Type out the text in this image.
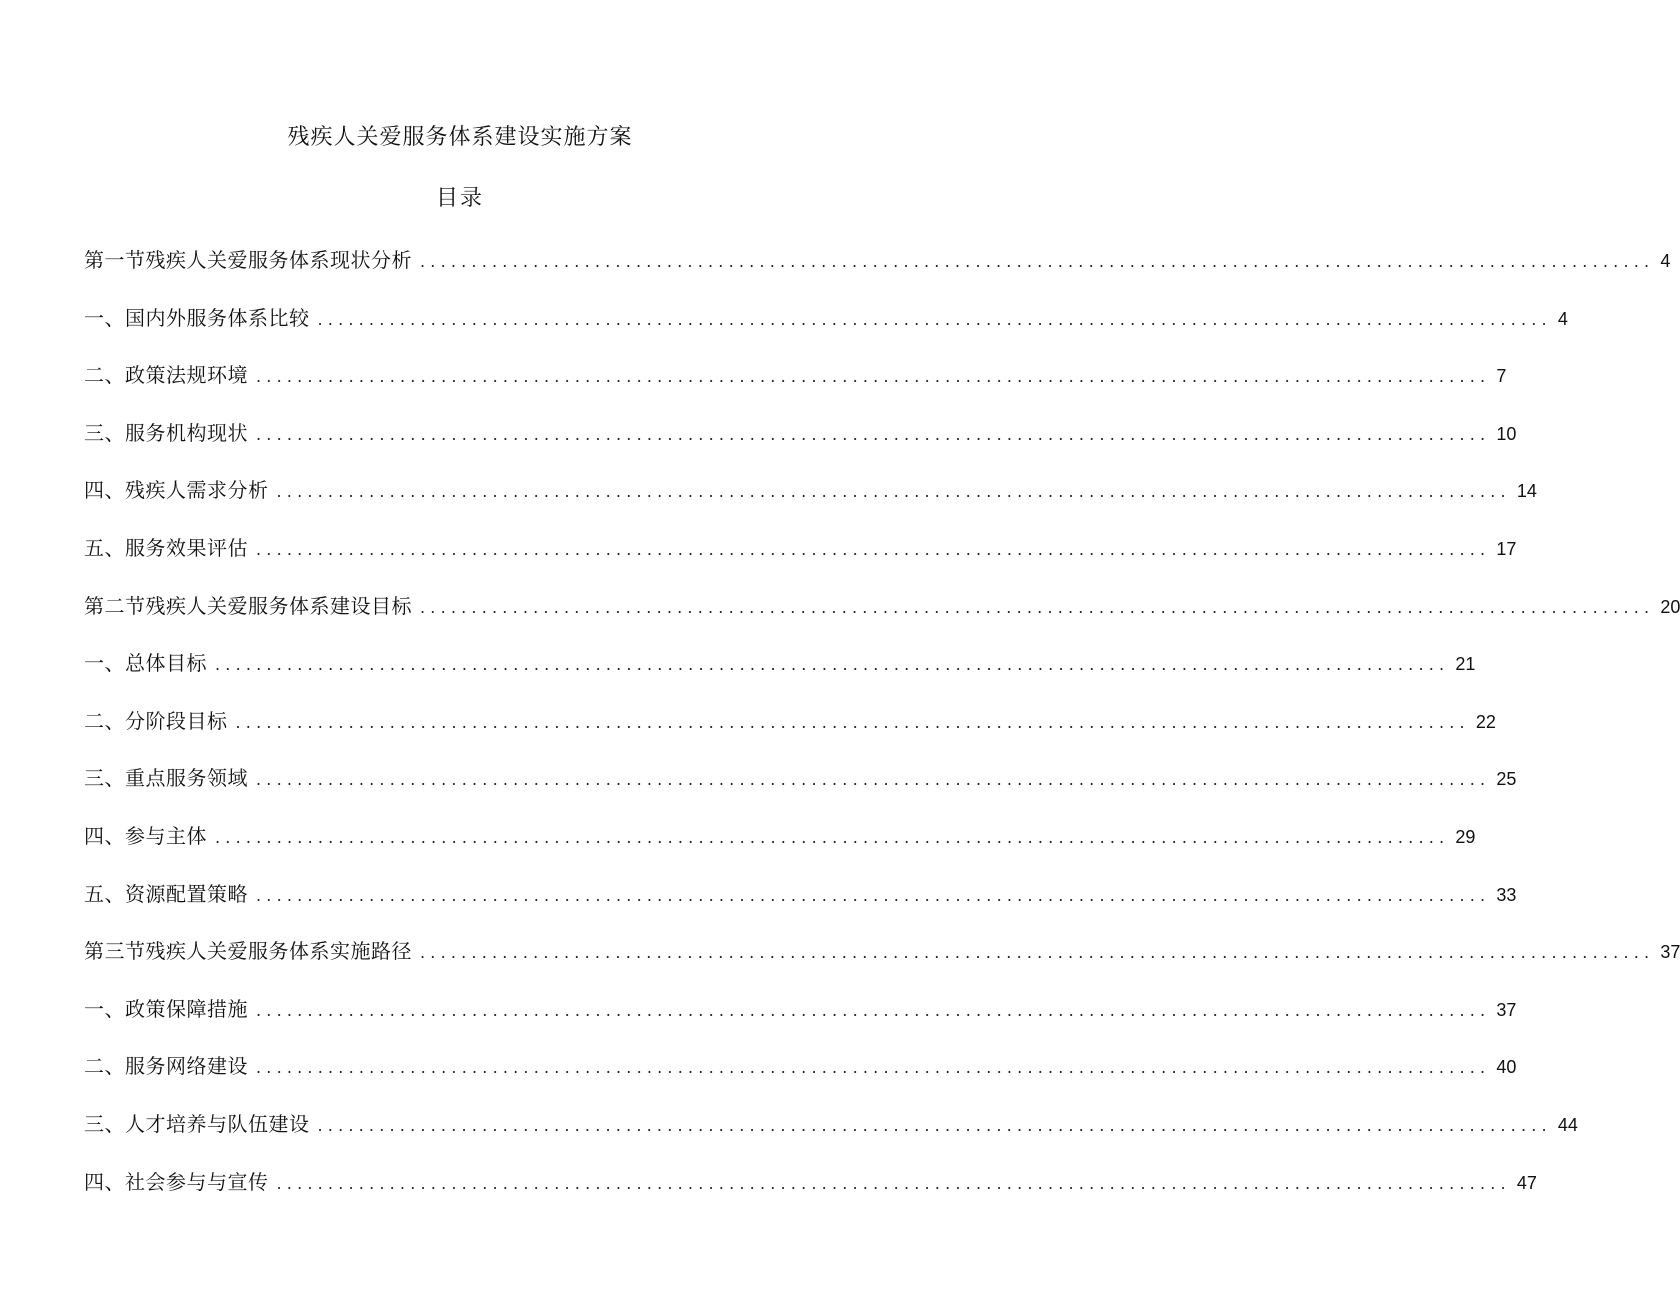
残疾人关爱服务体系建设实施方案
目录
第一节残疾人关爱服务体系现状分析 ........................................................................................................................ 4
一、国内外服务体系比较 ........................................................................................................................ 4
二、政策法规环境 ........................................................................................................................ 7
三、服务机构现状 ........................................................................................................................ 10
四、残疾人需求分析 ........................................................................................................................ 14
五、服务效果评估 ........................................................................................................................ 17
第二节残疾人关爱服务体系建设目标 ........................................................................................................................ 20
一、总体目标 ........................................................................................................................ 21
二、分阶段目标 ........................................................................................................................ 22
三、重点服务领域 ........................................................................................................................ 25
四、参与主体 ........................................................................................................................ 29
五、资源配置策略 ........................................................................................................................ 33
第三节残疾人关爱服务体系实施路径 ........................................................................................................................ 37
一、政策保障措施 ........................................................................................................................ 37
二、服务网络建设 ........................................................................................................................ 40
三、人才培养与队伍建设 ........................................................................................................................ 44
四、社会参与与宣传 ........................................................................................................................ 47
